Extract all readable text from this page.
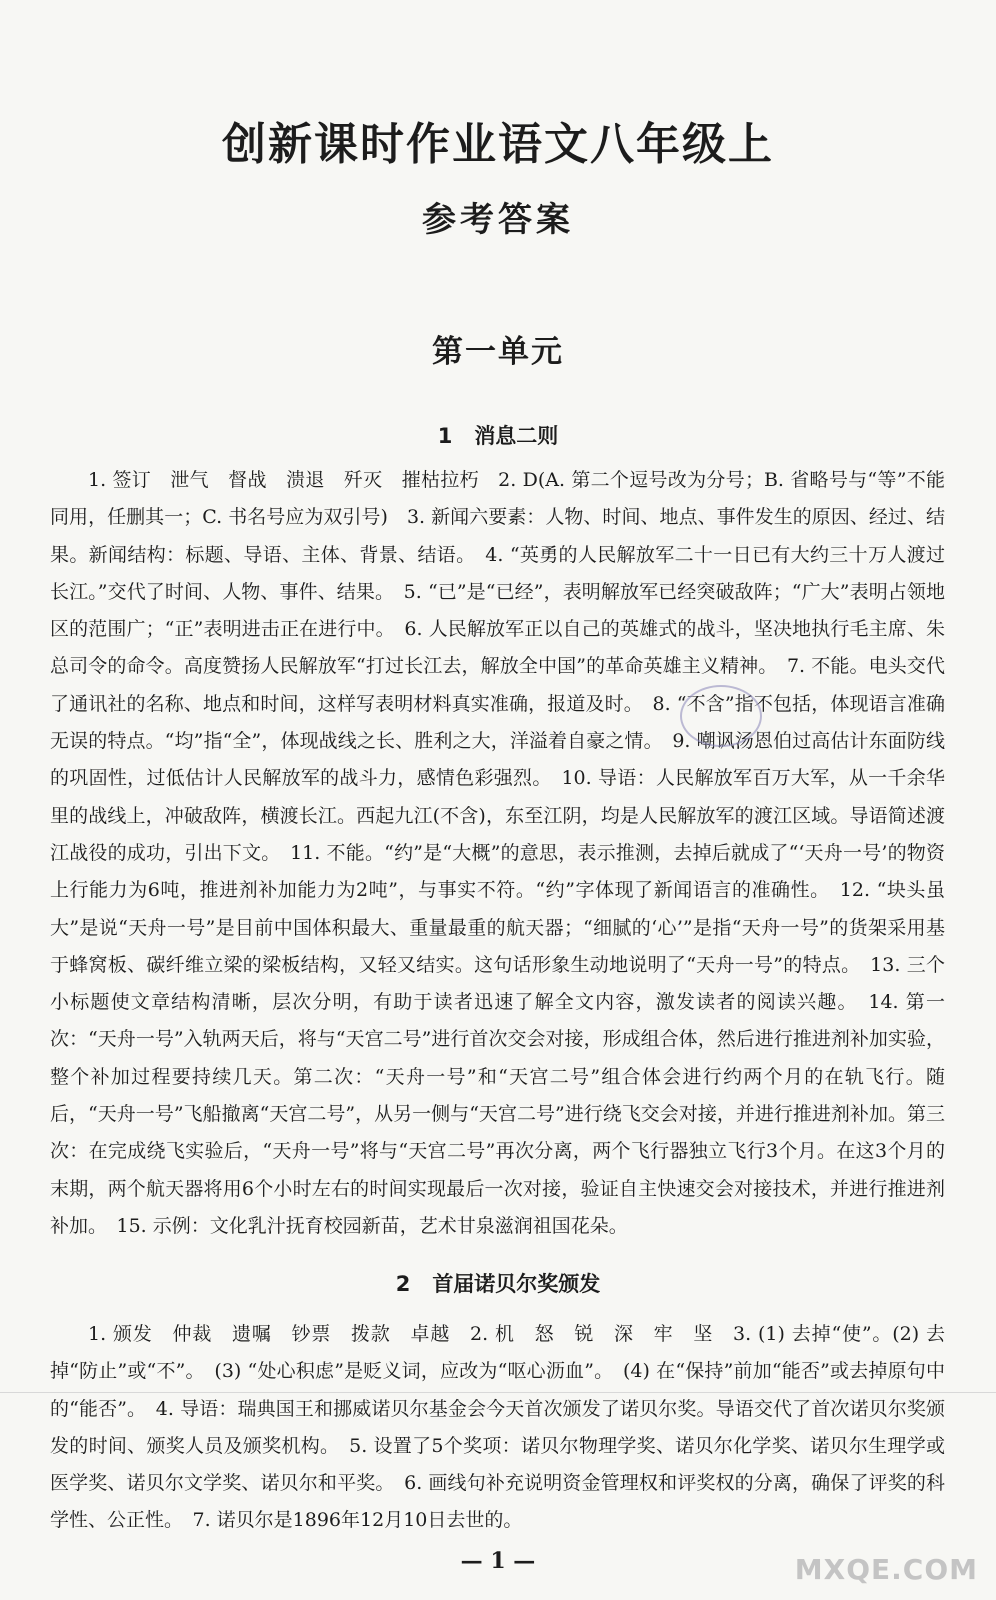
创新课时作业语文八年级上
参考答案
第一单元
1 消息二则

1. 签订　泄气　督战　溃退　歼灭　摧枯拉朽　2. D(A. 第二个逗号改为分号；B. 省略号与“等”不能同用，任删其一；C. 书名号应为双引号)　3. 新闻六要素：人物、时间、地点、事件发生的原因、经过、结果。新闻结构：标题、导语、主体、背景、结语。　4. “英勇的人民解放军二十一日已有大约三十万人渡过长江。”交代了时间、人物、事件、结果。　5. “已”是“已经”，表明解放军已经突破敌阵；“广大”表明占领地区的范围广；“正”表明进击正在进行中。　6. 人民解放军正以自己的英雄式的战斗，坚决地执行毛主席、朱总司令的命令。高度赞扬人民解放军“打过长江去，解放全中国”的革命英雄主义精神。　7. 不能。电头交代了通讯社的名称、地点和时间，这样写表明材料真实准确，报道及时。　8. “不含”指不包括，体现语言准确无误的特点。“均”指“全”，体现战线之长、胜利之大，洋溢着自豪之情。　9. 嘲讽汤恩伯过高估计东面防线的巩固性，过低估计人民解放军的战斗力，感情色彩强烈。　10. 导语：人民解放军百万大军，从一千余华里的战线上，冲破敌阵，横渡长江。西起九江(不含)，东至江阴，均是人民解放军的渡江区域。导语简述渡江战役的成功，引出下文。　11. 不能。“约”是“大概”的意思，表示推测，去掉后就成了“‘天舟一号’的物资上行能力为6吨，推进剂补加能力为2吨”，与事实不符。“约”字体现了新闻语言的准确性。　12. “块头虽大”是说“天舟一号”是目前中国体积最大、重量最重的航天器；“细腻的‘心’”是指“天舟一号”的货架采用基于蜂窝板、碳纤维立梁的梁板结构，又轻又结实。这句话形象生动地说明了“天舟一号”的特点。　13. 三个小标题使文章结构清晰，层次分明，有助于读者迅速了解全文内容，激发读者的阅读兴趣。　14. 第一次：“天舟一号”入轨两天后，将与“天宫二号”进行首次交会对接，形成组合体，然后进行推进剂补加实验，整个补加过程要持续几天。第二次：“天舟一号”和“天宫二号”组合体会进行约两个月的在轨飞行。随后，“天舟一号”飞船撤离“天宫二号”，从另一侧与“天宫二号”进行绕飞交会对接，并进行推进剂补加。第三次：在完成绕飞实验后，“天舟一号”将与“天宫二号”再次分离，两个飞行器独立飞行3个月。在这3个月的末期，两个航天器将用6个小时左右的时间实现最后一次对接，验证自主快速交会对接技术，并进行推进剂补加。　15. 示例：文化乳汁抚育校园新苗，艺术甘泉滋润祖国花朵。

2 首届诺贝尔奖颁发

1. 颁发　仲裁　遗嘱　钞票　拨款　卓越　2. 机　怒　锐　深　牢　坚　3. (1) 去掉“使”。(2) 去掉“防止”或“不”。　(3) “处心积虑”是贬义词，应改为“呕心沥血”。　(4) 在“保持”前加“能否”或去掉原句中的“能否”。　4. 导语：瑞典国王和挪威诺贝尔基金会今天首次颁发了诺贝尔奖。导语交代了首次诺贝尔奖颁发的时间、颁奖人员及颁奖机构。　5. 设置了5个奖项：诺贝尔物理学奖、诺贝尔化学奖、诺贝尔生理学或医学奖、诺贝尔文学奖、诺贝尔和平奖。　6. 画线句补充说明资金管理权和评奖权的分离，确保了评奖的科学性、公正性。　7. 诺贝尔是1896年12月10日去世的。

— 1 —	MXQE.COM
